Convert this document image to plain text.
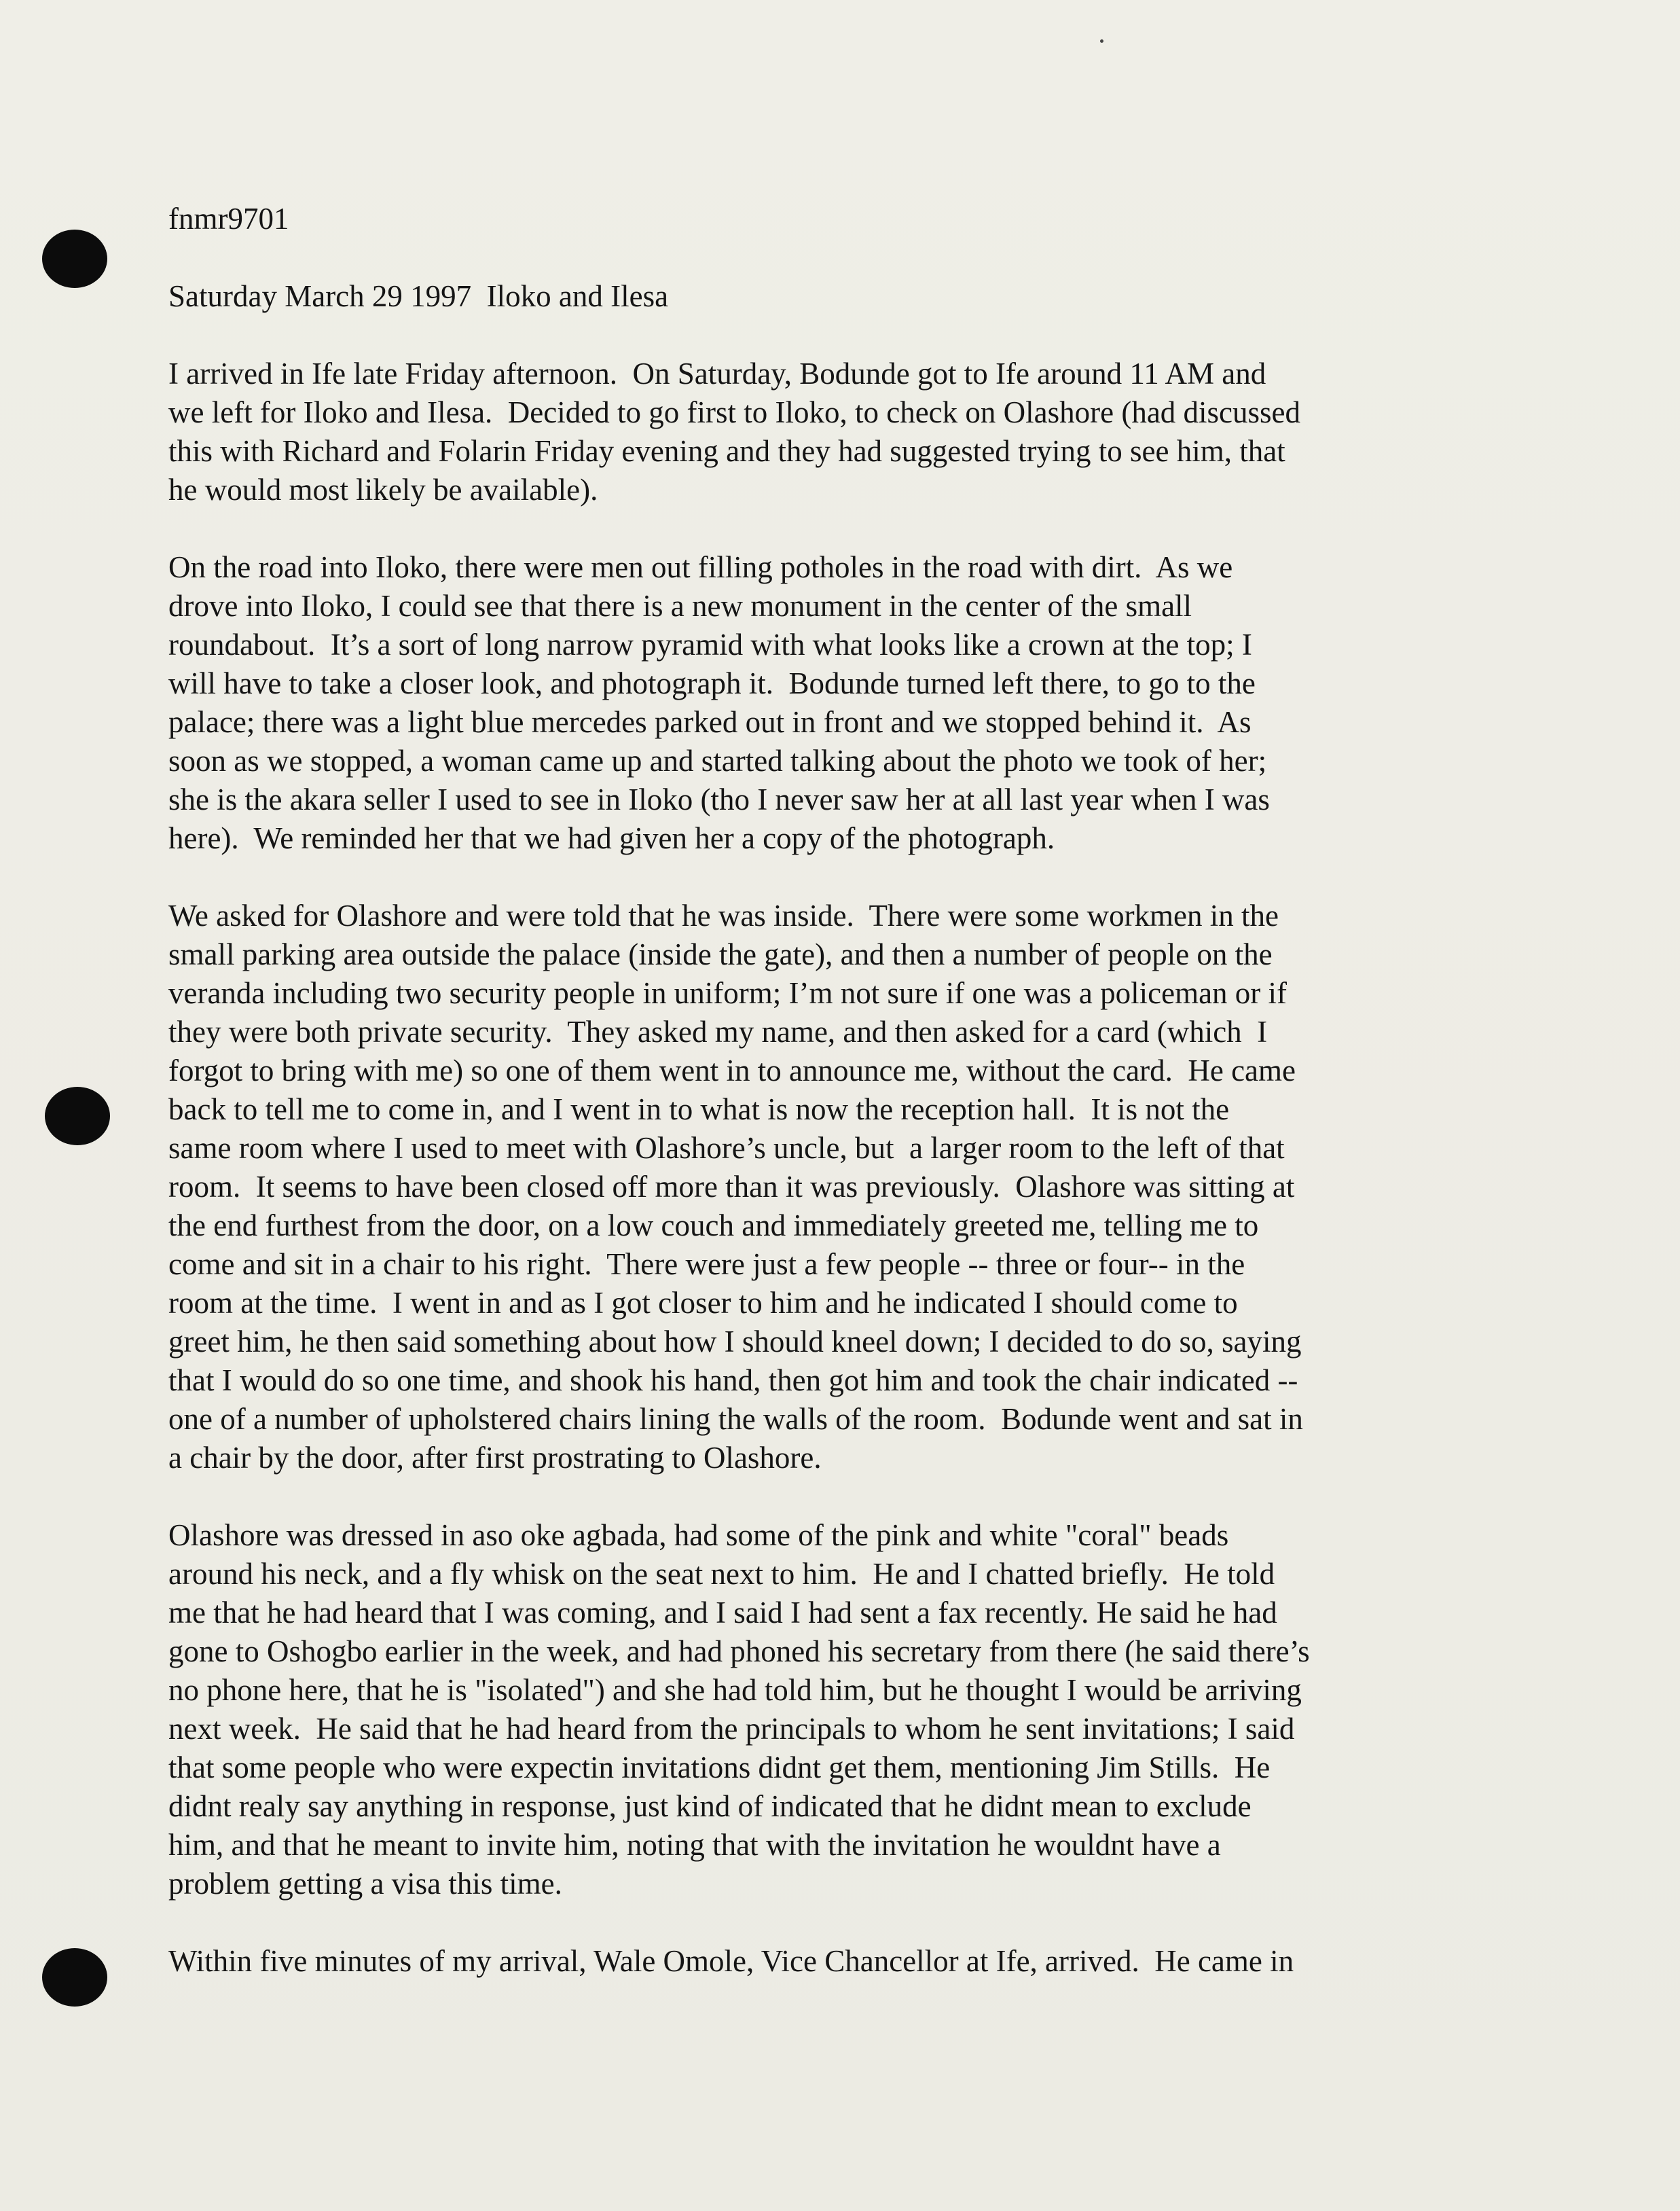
fnmr9701

Saturday March 29 1997  Iloko and Ilesa

I arrived in Ife late Friday afternoon.  On Saturday, Bodunde got to Ife around 11 AM and
we left for Iloko and Ilesa.  Decided to go first to Iloko, to check on Olashore (had discussed
this with Richard and Folarin Friday evening and they had suggested trying to see him, that
he would most likely be available).

On the road into Iloko, there were men out filling potholes in the road with dirt.  As we
drove into Iloko, I could see that there is a new monument in the center of the small
roundabout.  It’s a sort of long narrow pyramid with what looks like a crown at the top; I
will have to take a closer look, and photograph it.  Bodunde turned left there, to go to the
palace; there was a light blue mercedes parked out in front and we stopped behind it.  As
soon as we stopped, a woman came up and started talking about the photo we took of her;
she is the akara seller I used to see in Iloko (tho I never saw her at all last year when I was
here).  We reminded her that we had given her a copy of the photograph.

We asked for Olashore and were told that he was inside.  There were some workmen in the
small parking area outside the palace (inside the gate), and then a number of people on the
veranda including two security people in uniform; I’m not sure if one was a policeman or if
they were both private security.  They asked my name, and then asked for a card (which  I
forgot to bring with me) so one of them went in to announce me, without the card.  He came
back to tell me to come in, and I went in to what is now the reception hall.  It is not the
same room where I used to meet with Olashore’s uncle, but  a larger room to the left of that
room.  It seems to have been closed off more than it was previously.  Olashore was sitting at
the end furthest from the door, on a low couch and immediately greeted me, telling me to
come and sit in a chair to his right.  There were just a few people -- three or four-- in the
room at the time.  I went in and as I got closer to him and he indicated I should come to
greet him, he then said something about how I should kneel down; I decided to do so, saying
that I would do so one time, and shook his hand, then got him and took the chair indicated --
one of a number of upholstered chairs lining the walls of the room.  Bodunde went and sat in
a chair by the door, after first prostrating to Olashore.

Olashore was dressed in aso oke agbada, had some of the pink and white "coral" beads
around his neck, and a fly whisk on the seat next to him.  He and I chatted briefly.  He told
me that he had heard that I was coming, and I said I had sent a fax recently. He said he had
gone to Oshogbo earlier in the week, and had phoned his secretary from there (he said there’s
no phone here, that he is "isolated") and she had told him, but he thought I would be arriving
next week.  He said that he had heard from the principals to whom he sent invitations; I said
that some people who were expectin invitations didnt get them, mentioning Jim Stills.  He
didnt realy say anything in response, just kind of indicated that he didnt mean to exclude
him, and that he meant to invite him, noting that with the invitation he wouldnt have a
problem getting a visa this time.

Within five minutes of my arrival, Wale Omole, Vice Chancellor at Ife, arrived.  He came in
